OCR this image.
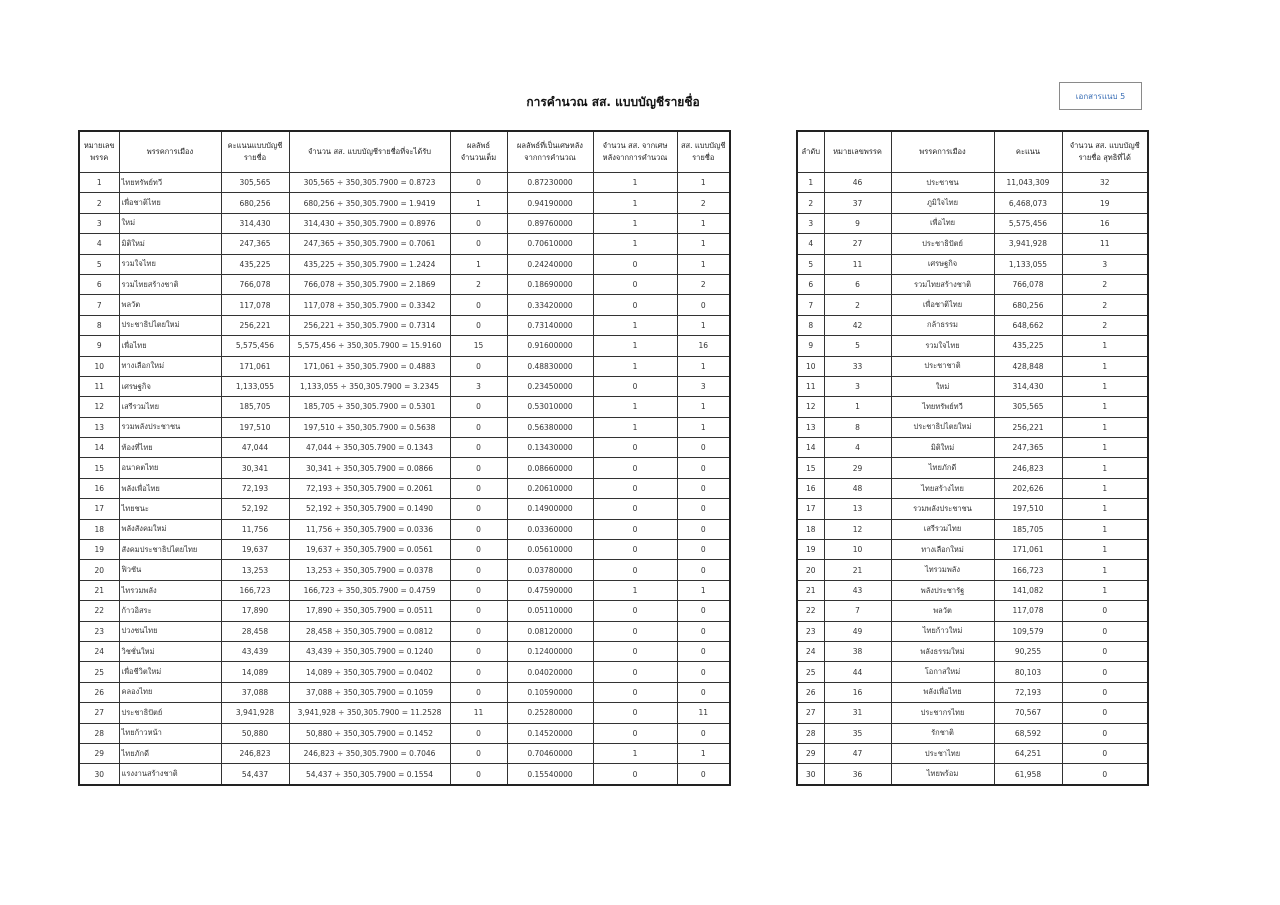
การคำนวณ สส. แบบบัญชีรายชื่อ	เอกสารแนบ 5
หมายเลขพรรค	พรรคการเมือง	คะแนนแบบบัญชีรายชื่อ	จำนวน สส. แบบบัญชีรายชื่อที่จะได้รับ	ผลลัพธ์จำนวนเต็ม	ผลลัพธ์ที่เป็นเศษหลังจากการคำนวณ	จำนวน สส. จากเศษหลังจากการคำนวณ	สส. แบบบัญชีรายชื่อ
1	ไทยทรัพย์ทวี	305,565	305,565 ÷ 350,305.7900 = 0.8723	0	0.87230000	1	1
2	เพื่อชาติไทย	680,256	680,256 ÷ 350,305.7900 = 1.9419	1	0.94190000	1	2
3	ใหม่	314,430	314,430 ÷ 350,305.7900 = 0.8976	0	0.89760000	1	1
4	มิติใหม่	247,365	247,365 ÷ 350,305.7900 = 0.7061	0	0.70610000	1	1
5	รวมใจไทย	435,225	435,225 ÷ 350,305.7900 = 1.2424	1	0.24240000	0	1
6	รวมไทยสร้างชาติ	766,078	766,078 ÷ 350,305.7900 = 2.1869	2	0.18690000	0	2
7	พลวัต	117,078	117,078 ÷ 350,305.7900 = 0.3342	0	0.33420000	0	0
8	ประชาธิปไตยใหม่	256,221	256,221 ÷ 350,305.7900 = 0.7314	0	0.73140000	1	1
9	เพื่อไทย	5,575,456	5,575,456 ÷ 350,305.7900 = 15.9160	15	0.91600000	1	16
10	ทางเลือกใหม่	171,061	171,061 ÷ 350,305.7900 = 0.4883	0	0.48830000	1	1
11	เศรษฐกิจ	1,133,055	1,133,055 ÷ 350,305.7900 = 3.2345	3	0.23450000	0	3
12	เสรีรวมไทย	185,705	185,705 ÷ 350,305.7900 = 0.5301	0	0.53010000	1	1
13	รวมพลังประชาชน	197,510	197,510 ÷ 350,305.7900 = 0.5638	0	0.56380000	1	1
14	ท้องที่ไทย	47,044	47,044 ÷ 350,305.7900 = 0.1343	0	0.13430000	0	0
15	อนาคตไทย	30,341	30,341 ÷ 350,305.7900 = 0.0866	0	0.08660000	0	0
16	พลังเพื่อไทย	72,193	72,193 ÷ 350,305.7900 = 0.2061	0	0.20610000	0	0
17	ไทยชนะ	52,192	52,192 ÷ 350,305.7900 = 0.1490	0	0.14900000	0	0
18	พลังสังคมใหม่	11,756	11,756 ÷ 350,305.7900 = 0.0336	0	0.03360000	0	0
19	สังคมประชาธิปไตยไทย	19,637	19,637 ÷ 350,305.7900 = 0.0561	0	0.05610000	0	0
20	ฟิวชัน	13,253	13,253 ÷ 350,305.7900 = 0.0378	0	0.03780000	0	0
21	ไทรวมพลัง	166,723	166,723 ÷ 350,305.7900 = 0.4759	0	0.47590000	1	1
22	ก้าวอิสระ	17,890	17,890 ÷ 350,305.7900 = 0.0511	0	0.05110000	0	0
23	ปวงชนไทย	28,458	28,458 ÷ 350,305.7900 = 0.0812	0	0.08120000	0	0
24	วิชชั่นใหม่	43,439	43,439 ÷ 350,305.7900 = 0.1240	0	0.12400000	0	0
25	เพื่อชีวิตใหม่	14,089	14,089 ÷ 350,305.7900 = 0.0402	0	0.04020000	0	0
26	คลองไทย	37,088	37,088 ÷ 350,305.7900 = 0.1059	0	0.10590000	0	0
27	ประชาธิปัตย์	3,941,928	3,941,928 ÷ 350,305.7900 = 11.2528	11	0.25280000	0	11
28	ไทยก้าวหน้า	50,880	50,880 ÷ 350,305.7900 = 0.1452	0	0.14520000	0	0
29	ไทยภักดี	246,823	246,823 ÷ 350,305.7900 = 0.7046	0	0.70460000	1	1
30	แรงงานสร้างชาติ	54,437	54,437 ÷ 350,305.7900 = 0.1554	0	0.15540000	0	0
ลำดับ	หมายเลขพรรค	พรรคการเมือง	คะแนน	จำนวน สส. แบบบัญชีรายชื่อ สุทธิที่ได้
1	46	ประชาชน	11,043,309	32
2	37	ภูมิใจไทย	6,468,073	19
3	9	เพื่อไทย	5,575,456	16
4	27	ประชาธิปัตย์	3,941,928	11
5	11	เศรษฐกิจ	1,133,055	3
6	6	รวมไทยสร้างชาติ	766,078	2
7	2	เพื่อชาติไทย	680,256	2
8	42	กล้าธรรม	648,662	2
9	5	รวมใจไทย	435,225	1
10	33	ประชาชาติ	428,848	1
11	3	ใหม่	314,430	1
12	1	ไทยทรัพย์ทวี	305,565	1
13	8	ประชาธิปไตยใหม่	256,221	1
14	4	มิติใหม่	247,365	1
15	29	ไทยภักดี	246,823	1
16	48	ไทยสร้างไทย	202,626	1
17	13	รวมพลังประชาชน	197,510	1
18	12	เสรีรวมไทย	185,705	1
19	10	ทางเลือกใหม่	171,061	1
20	21	ไทรวมพลัง	166,723	1
21	43	พลังประชารัฐ	141,082	1
22	7	พลวัต	117,078	0
23	49	ไทยก้าวใหม่	109,579	0
24	38	พลังธรรมใหม่	90,255	0
25	44	โอกาสใหม่	80,103	0
26	16	พลังเพื่อไทย	72,193	0
27	31	ประชากรไทย	70,567	0
28	35	รักชาติ	68,592	0
29	47	ประชาไทย	64,251	0
30	36	ไทยพร้อม	61,958	0
